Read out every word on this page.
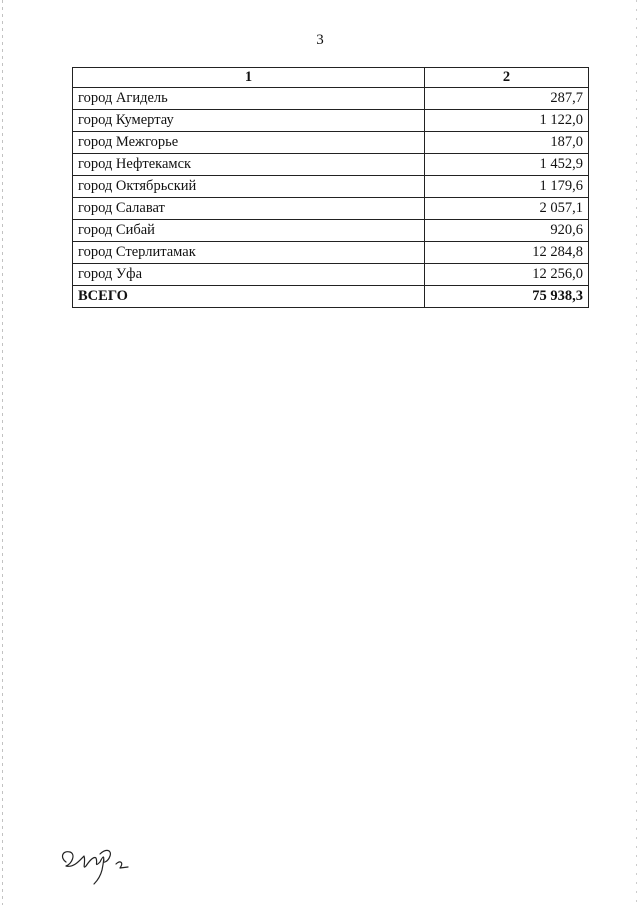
3
1	2
город Агидель	287,7
город Кумертау	1 122,0
город Межгорье	187,0
город Нефтекамск	1 452,9
город Октябрьский	1 179,6
город Салават	2 057,1
город Сибай	920,6
город Стерлитамак	12 284,8
город Уфа	12 256,0
ВСЕГО	75 938,3
